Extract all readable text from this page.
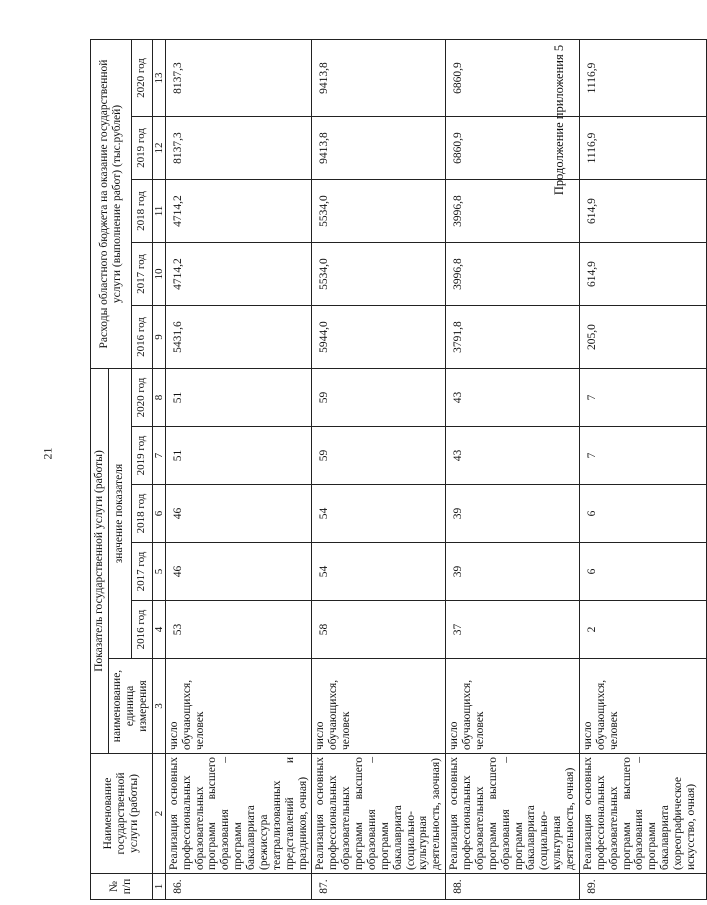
21
Продолжение приложения 5
№ п/п	Наименование государственной услуги (работы)	Показатель государственной услуги (работы)						Расходы областного бюджета на оказание государственной услуги (выполнение работ) (тыс.рублей)				
		наименование, единица измерения	значение показателя									
			2016 год	2017 год	2018 год	2019 год	2020 год	2016 год	2017 год	2018 год	2019 год	2020 год
1	2	3	4	5	6	7	8	9	10	11	12	13
86.	Реализация основных профессиональных образовательных программ высшего образования – программ бакалавриата (режиссура театрализованных представлений и праздников, очная)	число обучающихся, человек	53	46	46	51	51	5431,6	4714,2	4714,2	8137,3	8137,3
87.	Реализация основных профессиональных образовательных программ высшего образования – программ бакалавриата (социально-культурная деятельность, заочная)	число обучающихся, человек	58	54	54	59	59	5944,0	5534,0	5534,0	9413,8	9413,8
88.	Реализация основных профессиональных образовательных программ высшего образования – программ бакалавриата (социально-культурная деятельность, очная)	число обучающихся, человек	37	39	39	43	43	3791,8	3996,8	3996,8	6860,9	6860,9
89.	Реализация основных профессиональных образовательных программ высшего образования – программ бакалавриата (хореографическое искусство, очная)	число обучающихся, человек	2	6	6	7	7	205,0	614,9	614,9	1116,9	1116,9
